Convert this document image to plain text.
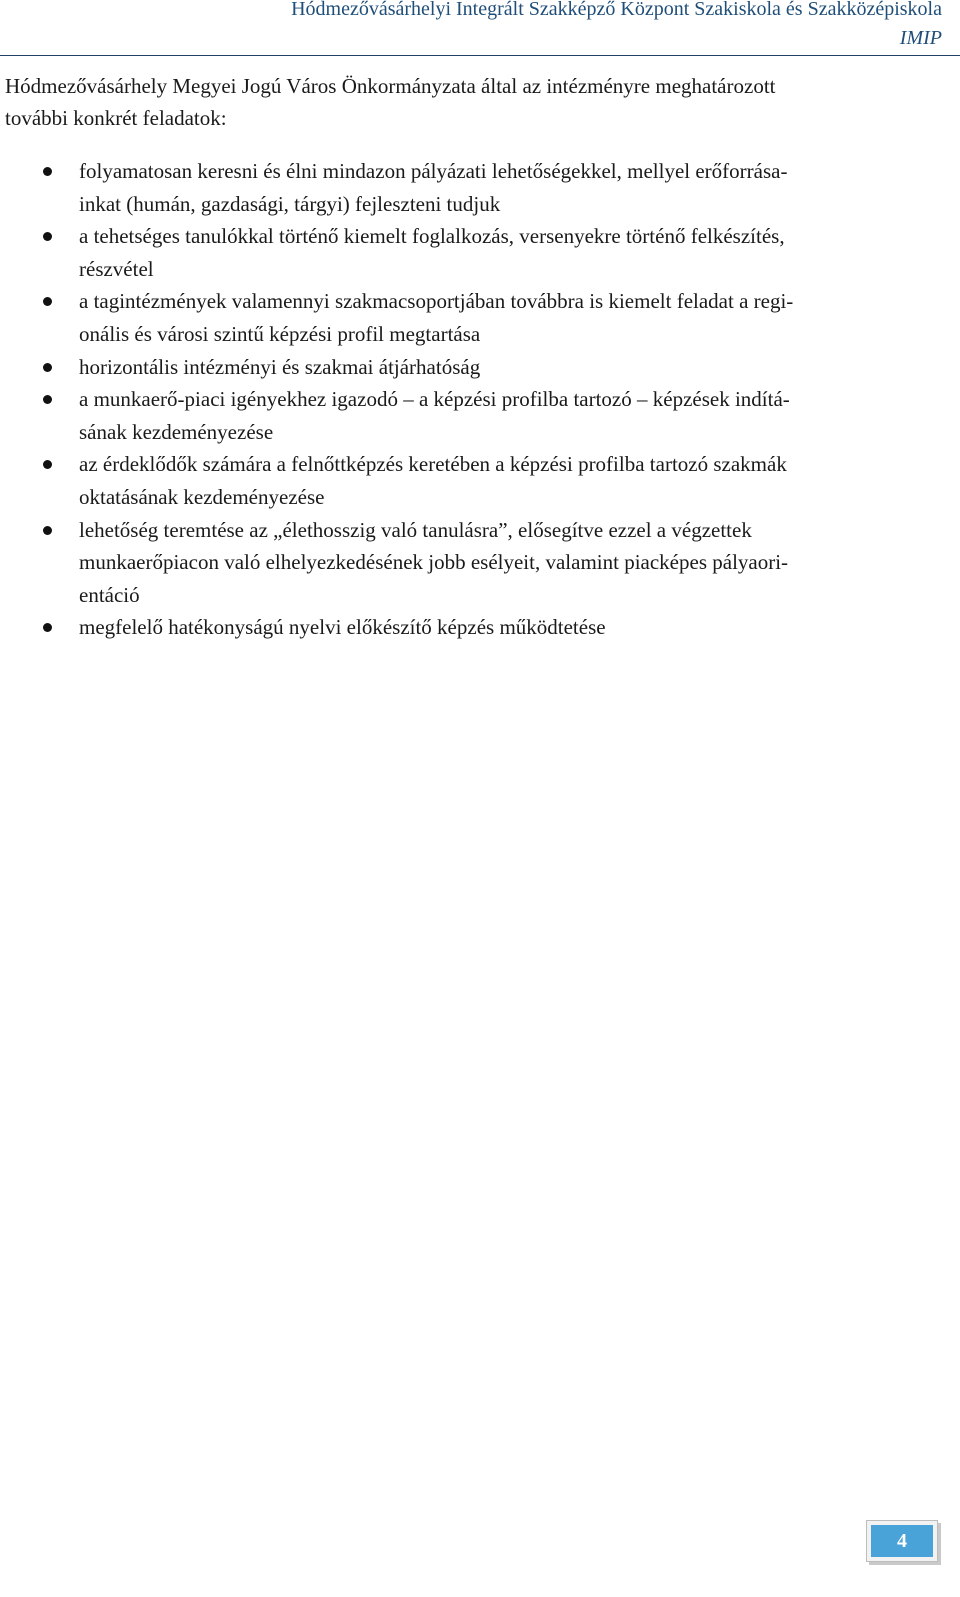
Hódmezővásárhelyi Integrált Szakképző Központ Szakiskola és Szakközépiskola
IMIP

Hódmezővásárhely Megyei Jogú Város Önkormányzata által az intézményre meghatározott
további konkrét feladatok:

folyamatosan keresni és élni mindazon pályázati lehetőségekkel, mellyel erőforrása-
inkat (humán, gazdasági, tárgyi) fejleszteni tudjuk
a tehetséges tanulókkal történő kiemelt foglalkozás, versenyekre történő felkészítés,
részvétel
a tagintézmények valamennyi szakmacsoportjában továbbra is kiemelt feladat a regi-
onális és városi szintű képzési profil megtartása
horizontális intézményi és szakmai átjárhatóság
a munkaerő-piaci igényekhez igazodó – a képzési profilba tartozó – képzések indítá-
sának kezdeményezése
az érdeklődők számára a felnőttképzés keretében a képzési profilba tartozó szakmák
oktatásának kezdeményezése
lehetőség teremtése az „élethosszig való tanulásra”, elősegítve ezzel a végzettek
munkaerőpiacon való elhelyezkedésének jobb esélyeit, valamint piacképes pályaori-
entáció
megfelelő hatékonyságú nyelvi előkészítő képzés működtetése
4
